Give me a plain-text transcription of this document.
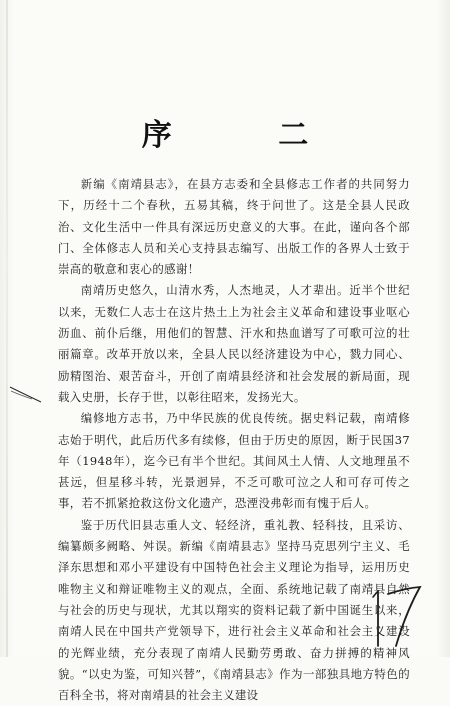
序 二

新编《南靖县志》，在县方志委和全县修志工作者的共同努力下，历经十二个春秋，五易其稿，终于问世了。这是全县人民政治、文化生活中一件具有深远历史意义的大事。在此，谨向各个部门、全体修志人员和关心支持县志编写、出版工作的各界人士致于崇高的敬意和衷心的感谢！

南靖历史悠久，山清水秀，人杰地灵，人才辈出。近半个世纪以来，无数仁人志士在这片热土上为社会主义革命和建设事业呕心沥血、前仆后继，用他们的智慧、汗水和热血谱写了可歌可泣的壮丽篇章。改革开放以来，全县人民以经济建设为中心，戮力同心、励精图治、艰苦奋斗，开创了南靖县经济和社会发展的新局面，现载入史册，长存于世，以彰往昭来，发扬光大。

编修地方志书，乃中华民族的优良传统。据史料记载，南靖修志始于明代，此后历代多有续修，但由于历史的原因，断于民国37年（1948年），迄今已有半个世纪。其间风土人情、人文地理虽不甚远，但星移斗转，光景迥异，不乏可歌可泣之人和可存可传之事，若不抓紧抢救这份文化遗产，恐湮没弗彰而有愧于后人。

鉴于历代旧县志重人文、轻经济，重礼教、轻科技，且采访、编纂颇多阙略、舛误。新编《南靖县志》坚持马克思列宁主义、毛泽东思想和邓小平建设有中国特色社会主义理论为指导，运用历史唯物主义和辩证唯物主义的观点，全面、系统地记载了南靖县自然与社会的历史与现状，尤其以翔实的资料记载了新中国诞生以来，南靖人民在中国共产党领导下，进行社会主义革命和社会主义建设的光辉业绩，充分表现了南靖人民勤劳勇敢、奋力拼搏的精神风貌。“以史为鉴，可知兴替”，《南靖县志》作为一部独具地方特色的百科全书，将对南靖县的社会主义建设
